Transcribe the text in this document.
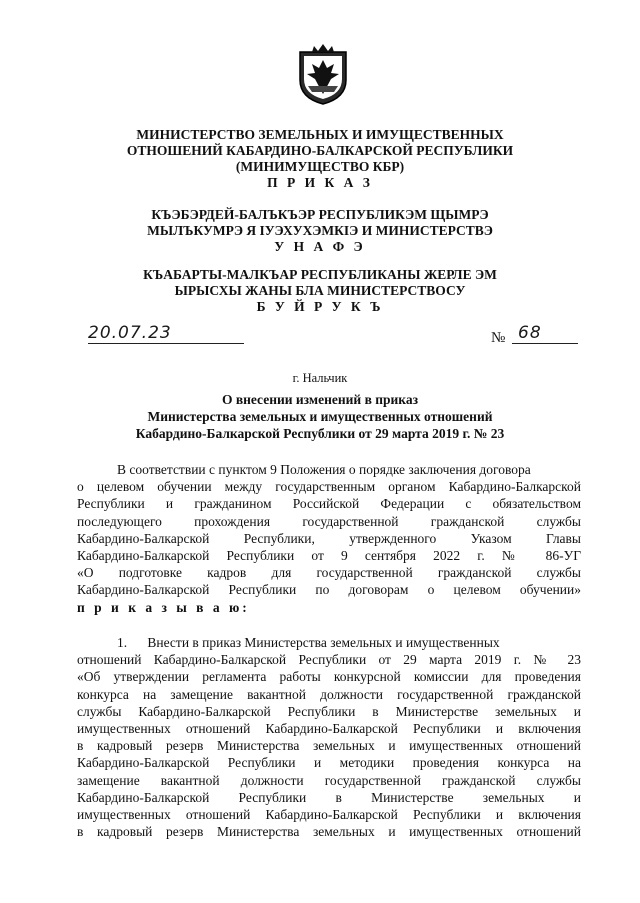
МИНИСТЕРСТВО ЗЕМЕЛЬНЫХ И ИМУЩЕСТВЕННЫХ
ОТНОШЕНИЙ КАБАРДИНО-БАЛКАРСКОЙ РЕСПУБЛИКИ
(МИНИМУЩЕСТВО КБР)
П Р И К А З
КЪЭБЭРДЕЙ-БАЛЪКЪЭР РЕСПУБЛИКЭМ ЩЫМРЭ
МЫЛЪКУМРЭ Я IУЭХУХЭМКIЭ И МИНИСТЕРСТВЭ
У Н А Ф Э
КЪАБАРТЫ-МАЛКЪАР РЕСПУБЛИКАНЫ ЖЕРЛЕ ЭМ
ЫРЫСХЫ ЖАНЫ БЛА МИНИСТЕРСТВОСУ
Б У Й Р У К Ъ
20.07.23	№ 68
г. Нальчик
О внесении изменений в приказ
Министерства земельных и имущественных отношений
Кабардино-Балкарской Республики от 29 марта 2019 г. № 23
В соответствии с пунктом 9 Положения о порядке заключения договора
о целевом обучении между государственным органом Кабардино-Балкарской
Республики и гражданином Российской Федерации с обязательством
последующего прохождения государственной гражданской службы
Кабардино-Балкарской Республики, утвержденного Указом Главы
Кабардино-Балкарской Республики от 9 сентября 2022 г. № 86-УГ
«О подготовке кадров для государственной гражданской службы
Кабардино-Балкарской Республики по договорам о целевом обучении»
п р и к а з ы в а ю:
1. Внести в приказ Министерства земельных и имущественных
отношений Кабардино-Балкарской Республики от 29 марта 2019 г. № 23
«Об утверждении регламента работы конкурсной комиссии для проведения
конкурса на замещение вакантной должности государственной гражданской
службы Кабардино-Балкарской Республики в Министерстве земельных и
имущественных отношений Кабардино-Балкарской Республики и включения
в кадровый резерв Министерства земельных и имущественных отношений
Кабардино-Балкарской Республики и методики проведения конкурса на
замещение вакантной должности государственной гражданской службы
Кабардино-Балкарской Республики в Министерстве земельных и
имущественных отношений Кабардино-Балкарской Республики и включения
в кадровый резерв Министерства земельных и имущественных отношений
